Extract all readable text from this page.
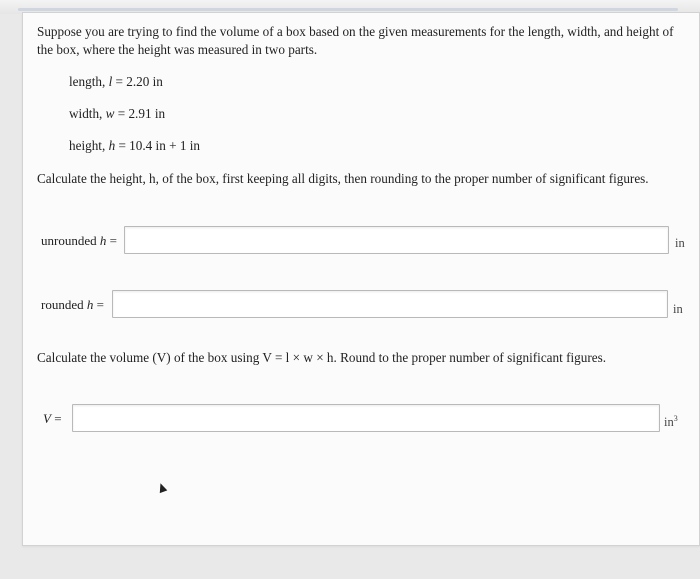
Suppose you are trying to find the volume of a box based on the given measurements for the length, width, and height of the box, where the height was measured in two parts.
length, l = 2.20 in
width, w = 2.91 in
height, h = 10.4 in + 1 in
Calculate the height, h, of the box, first keeping all digits, then rounding to the proper number of significant figures.
unrounded h =	in
rounded h =	in
Calculate the volume (V) of the box using V = l × w × h. Round to the proper number of significant figures.
V =	$in^3$
